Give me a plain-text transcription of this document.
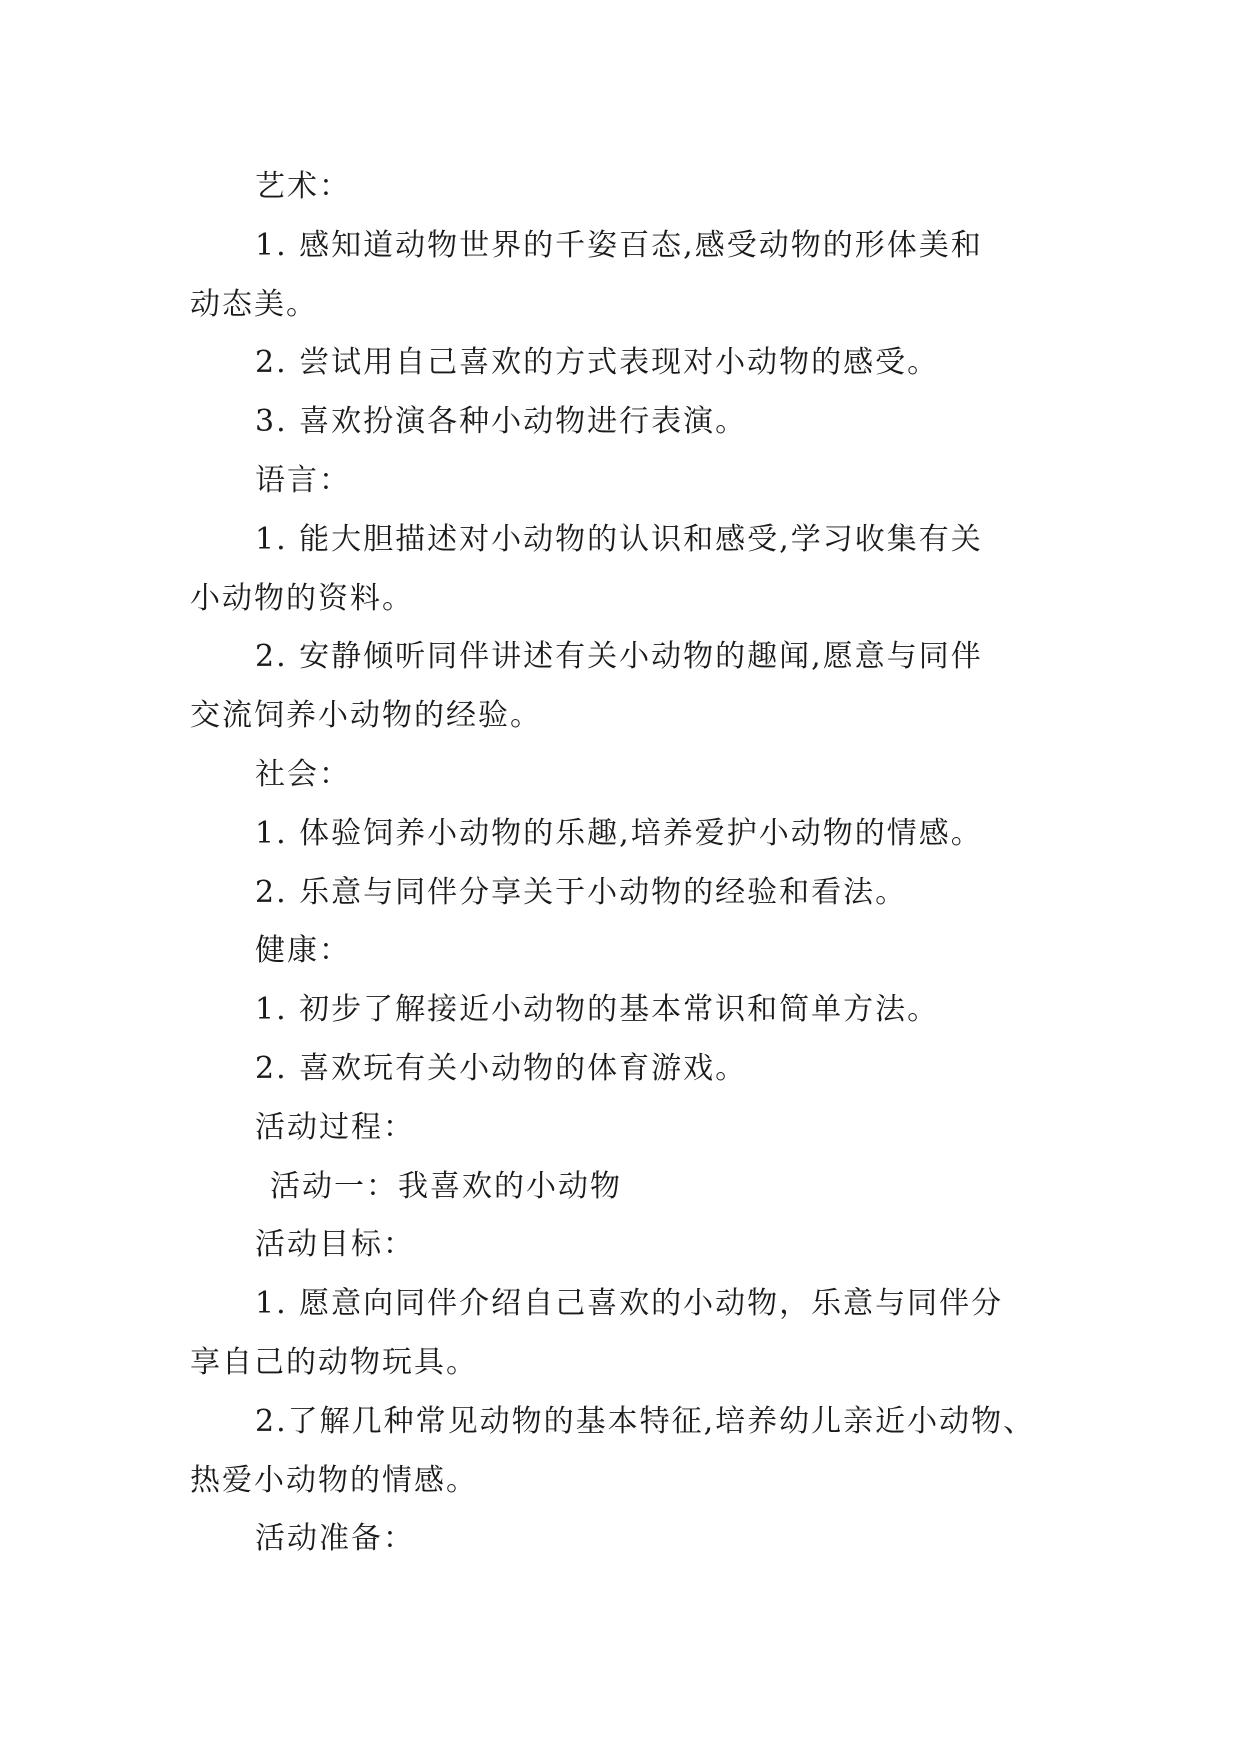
艺术：
1. 感知道动物世界的千姿百态,感受动物的形体美和
动态美。
2. 尝试用自己喜欢的方式表现对小动物的感受。
3. 喜欢扮演各种小动物进行表演。
语言：
1. 能大胆描述对小动物的认识和感受,学习收集有关
小动物的资料。
2. 安静倾听同伴讲述有关小动物的趣闻,愿意与同伴
交流饲养小动物的经验。
社会：
1. 体验饲养小动物的乐趣,培养爱护小动物的情感。
2. 乐意与同伴分享关于小动物的经验和看法。
健康：
1. 初步了解接近小动物的基本常识和简单方法。
2. 喜欢玩有关小动物的体育游戏。
活动过程：
活动一：我喜欢的小动物
活动目标：
1. 愿意向同伴介绍自己喜欢的小动物，乐意与同伴分
享自己的动物玩具。
2.了解几种常见动物的基本特征,培养幼儿亲近小动物、
热爱小动物的情感。
活动准备：
